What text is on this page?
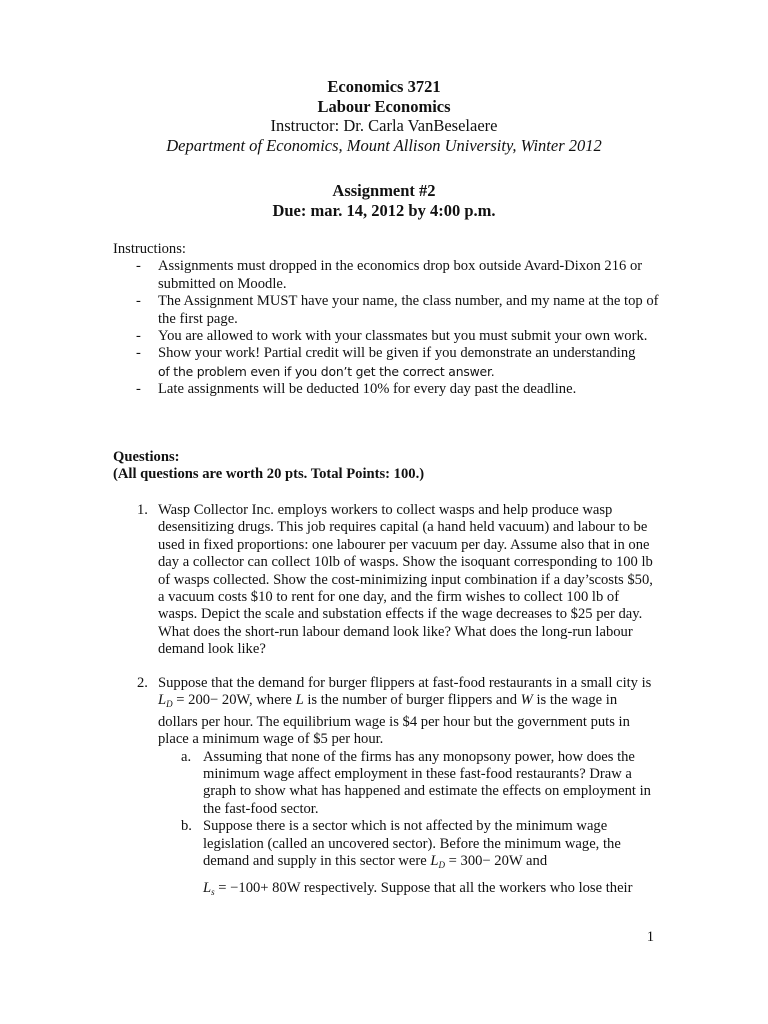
Economics 3721
Labour Economics
Instructor: Dr. Carla VanBeselaere
Department of Economics, Mount Allison University, Winter 2012
Assignment #2
Due: mar. 14, 2012 by 4:00 p.m.
Instructions:
- Assignments must dropped in the economics drop box outside Avard-Dixon 216 or submitted on Moodle.
- The Assignment MUST have your name, the class number, and my name at the top of the first page.
- You are allowed to work with your classmates but you must submit your own work.
- Show your work! Partial credit will be given if you demonstrate an understanding
of the problem even if you don’t get the correct answer.
- Late assignments will be deducted 10% for every day past the deadline.
Questions:
(All questions are worth 20 pts. Total Points: 100.)
1. Wasp Collector Inc. employs workers to collect wasps and help produce wasp desensitizing drugs. This job requires capital (a hand held vacuum) and labour to be used in fixed proportions: one labourer per vacuum per day. Assume also that in one day a collector can collect 10lb of wasps. Show the isoquant corresponding to 100 lb of wasps collected. Show the cost-minimizing input combination if a day’scosts $50, a vacuum costs $10 to rent for one day, and the firm wishes to collect 100 lb of wasps. Depict the scale and substation effects if the wage decreases to $25 per day. What does the short-run labour demand look like? What does the long-run labour demand look like?
2. Suppose that the demand for burger flippers at fast-food restaurants in a small city is $L_D = 200- 20W$, where L is the number of burger flippers and W is the wage in dollars per hour. The equilibrium wage is $4 per hour but the government puts in place a minimum wage of $5 per hour.
a. Assuming that none of the firms has any monopsony power, how does the minimum wage affect employment in these fast-food restaurants? Draw a graph to show what has happened and estimate the effects on employment in the fast-food sector.
b. Suppose there is a sector which is not affected by the minimum wage legislation (called an uncovered sector). Before the minimum wage, the demand and supply in this sector were $L_D = 300- 20W$ and
$L_s = -100+ 80W$ respectively. Suppose that all the workers who lose their
1
